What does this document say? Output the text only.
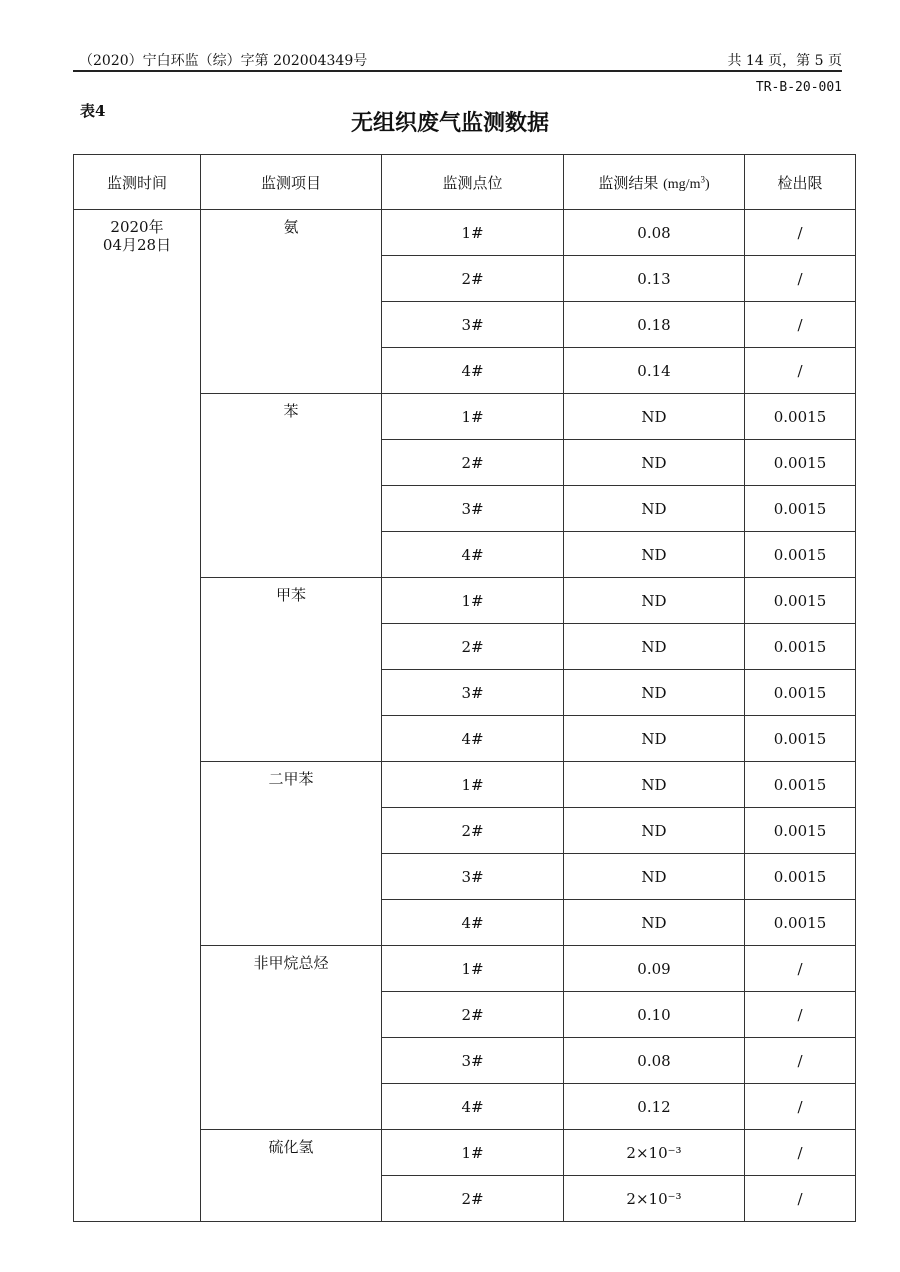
（2020）宁白环监（综）字第 202004349号	共 14 页，第 5 页
TR-B-20-001
表4	无组织废气监测数据
监测时间	监测项目	监测点位	监测结果 $(mg/m^3)$	检出限

2020年
04月28日	氨	1#	0.08	/
		2#	0.13	/
		3#	0.18	/
		4#	0.14	/
	苯	1#	ND	0.0015
		2#	ND	0.0015
		3#	ND	0.0015
		4#	ND	0.0015
	甲苯	1#	ND	0.0015
		2#	ND	0.0015
		3#	ND	0.0015
		4#	ND	0.0015
	二甲苯	1#	ND	0.0015
		2#	ND	0.0015
		3#	ND	0.0015
		4#	ND	0.0015
	非甲烷总烃	1#	0.09	/
		2#	0.10	/
		3#	0.08	/
		4#	0.12	/
	硫化氢	1#	2×10⁻³	/
		2#	2×10⁻³	/
